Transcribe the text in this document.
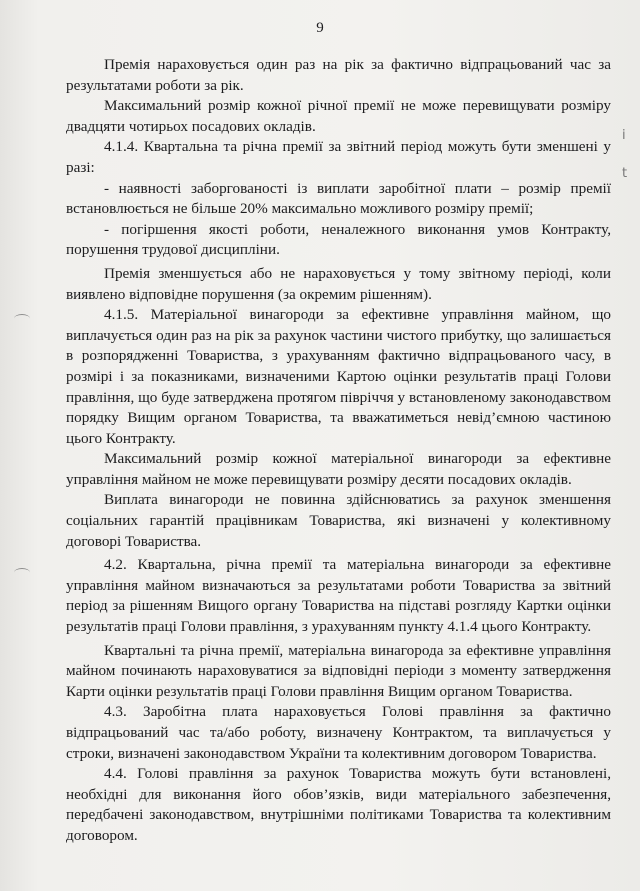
9
i
t

Премія нараховується один раз на рік за фактично відпрацьований час за результатами роботи за рік.

Максимальний розмір кожної річної премії не може перевищувати розміру двадцяти чотирьох посадових окладів.

4.1.4. Квартальна та річна премії за звітний період можуть бути зменшені у разі:

- наявності заборгованості із виплати заробітної плати – розмір премії встановлюється не більше 20% максимально можливого розміру премії;

- погіршення якості роботи, неналежного виконання умов Контракту, порушення трудової дисципліни.

Премія зменшується або не нараховується у тому звітному періоді, коли виявлено відповідне порушення (за окремим рішенням).

4.1.5. Матеріальної винагороди за ефективне управління майном, що виплачується один раз на рік за рахунок частини чистого прибутку, що залишається в розпорядженні Товариства, з урахуванням фактично відпрацьованого часу, в розмірі і за показниками, визначеними Картою оцінки результатів праці Голови правління, що буде затверджена протягом півріччя у встановленому законодавством порядку Вищим органом Товариства, та вважатиметься невід’ємною частиною цього Контракту.

Максимальний розмір кожної матеріальної винагороди за ефективне управління майном не може перевищувати розміру десяти посадових окладів.

Виплата винагороди не повинна здійснюватись за рахунок зменшення соціальних гарантій працівникам Товариства, які визначені у колективному договорі Товариства.

4.2. Квартальна, річна премії та матеріальна винагороди за ефективне управління майном визначаються за результатами роботи Товариства за звітний період за рішенням Вищого органу Товариства на підставі розгляду Картки оцінки результатів праці Голови правління, з урахуванням пункту 4.1.4 цього Контракту.

Квартальні та річна премії, матеріальна винагорода за ефективне управління майном починають нараховуватися за відповідні періоди з моменту затвердження Карти оцінки результатів праці Голови правління Вищим органом Товариства.

4.3. Заробітна плата нараховується Голові правління за фактично відпрацьований час та/або роботу, визначену Контрактом, та виплачується у строки, визначені законодавством України та колективним договором Товариства.

4.4. Голові правління за рахунок Товариства можуть бути встановлені, необхідні для виконання його обов’язків, види матеріального забезпечення, передбачені законодавством, внутрішніми політиками Товариства та колективним договором.
